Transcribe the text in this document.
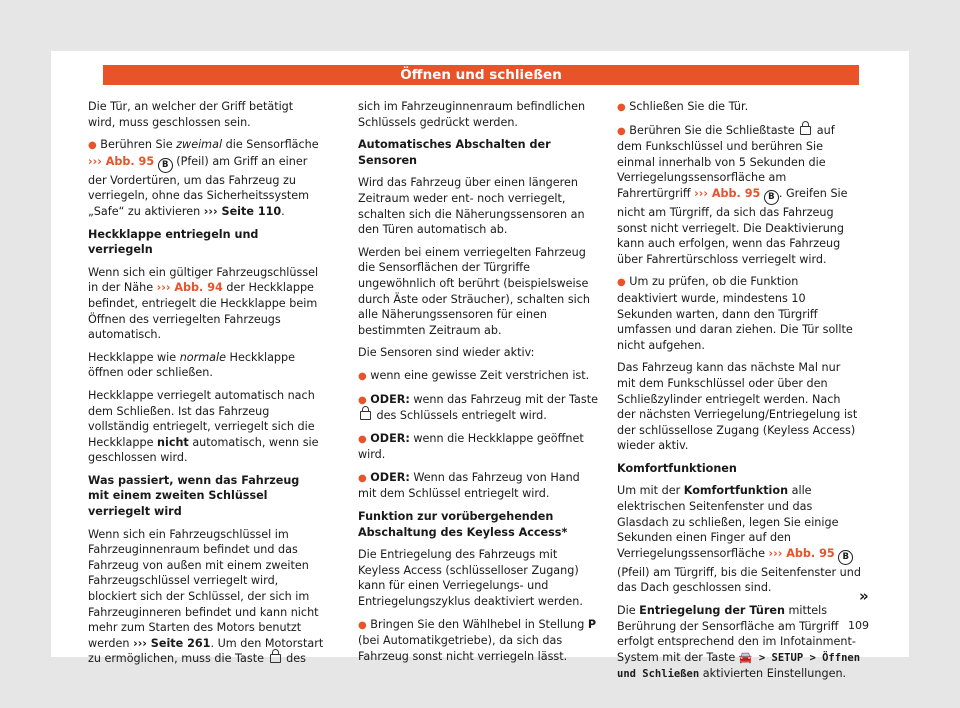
Öffnen und schließen

Die Tür, an welcher der Griff betätigt wird, muss geschlossen sein.

● Berühren Sie zweimal die Sensorfläche
››› Abb. 95 B (Pfeil) am Griff an einer der Vordertüren, um das Fahrzeug zu verriegeln, ohne das Sicherheitssystem „Safe“ zu aktivieren ››› Seite 110.

Heckklappe entriegeln und verriegeln

Wenn sich ein gültiger Fahrzeugschlüssel in der Nähe ››› Abb. 94 der Heckklappe befindet, entriegelt die Heckklappe beim Öffnen des verriegelten Fahrzeugs automatisch.

Heckklappe wie normale Heckklappe öffnen oder schließen.

Heckklappe verriegelt automatisch nach dem Schließen. Ist das Fahrzeug vollständig entriegelt, verriegelt sich die Heckklappe nicht automatisch, wenn sie geschlossen wird.

Was passiert, wenn das Fahrzeug mit einem zweiten Schlüssel verriegelt wird

Wenn sich ein Fahrzeugschlüssel im Fahrzeuginnenraum befindet und das Fahrzeug von außen mit einem zweiten Fahrzeugschlüssel verriegelt wird, blockiert sich der Schlüssel, der sich im Fahrzeuginneren befindet und kann nicht mehr zum Starten des Motors benutzt werden ››› Seite 261. Um den Motorstart zu ermöglichen, muss die Taste  des

sich im Fahrzeuginnenraum befindlichen Schlüssels gedrückt werden.

Automatisches Abschalten der Sensoren

Wird das Fahrzeug über einen längeren Zeitraum weder ent- noch verriegelt, schalten sich die Näherungssensoren an den Türen automatisch ab.

Werden bei einem verriegelten Fahrzeug die Sensorflächen der Türgriffe ungewöhnlich oft berührt (beispielsweise durch Äste oder Sträucher), schalten sich alle Näherungssensoren für einen bestimmten Zeitraum ab.

Die Sensoren sind wieder aktiv:

● wenn eine gewisse Zeit verstrichen ist.

● ODER: wenn das Fahrzeug mit der Taste  des Schlüssels entriegelt wird.

● ODER: wenn die Heckklappe geöffnet wird.

● ODER: Wenn das Fahrzeug von Hand mit dem Schlüssel entriegelt wird.

Funktion zur vorübergehenden Abschaltung des Keyless Access*

Die Entriegelung des Fahrzeugs mit Keyless Access (schlüsselloser Zugang) kann für einen Verriegelungs- und Entriegelungszyklus deaktiviert werden.

● Bringen Sie den Wählhebel in Stellung P (bei Automatikgetriebe), da sich das Fahrzeug sonst nicht verriegeln lässt.

● Schließen Sie die Tür.

● Berühren Sie die Schließtaste  auf dem Funkschlüssel und berühren Sie einmal innerhalb von 5 Sekunden die Verriegelungssensorfläche am Fahrertürgriff ››› Abb. 95 B . Greifen Sie nicht am Türgriff, da sich das Fahrzeug sonst nicht verriegelt. Die Deaktivierung kann auch erfolgen, wenn das Fahrzeug über Fahrertürschloss verriegelt wird.

● Um zu prüfen, ob die Funktion deaktiviert wurde, mindestens 10 Sekunden warten, dann den Türgriff umfassen und daran ziehen. Die Tür sollte nicht aufgehen.

Das Fahrzeug kann das nächste Mal nur mit dem Funkschlüssel oder über den Schließzylinder entriegelt werden. Nach der nächsten Verriegelung/Entriegelung ist der schlüssellose Zugang (Keyless Access) wieder aktiv.

Komfortfunktionen

Um mit der Komfortfunktion alle elektrischen Seitenfenster und das Glasdach zu schließen, legen Sie einige Sekunden einen Finger auf den Verriegelungssensorfläche ››› Abb. 95 B (Pfeil) am Türgriff, bis die Seitenfenster und das Dach geschlossen sind.

Die Entriegelung der Türen mittels Berührung der Sensorfläche am Türgriff erfolgt entsprechend den im Infotainment-System mit der Taste 🚘 > SETUP > Öffnen und Schließen aktivierten Einstellungen.

»
109
